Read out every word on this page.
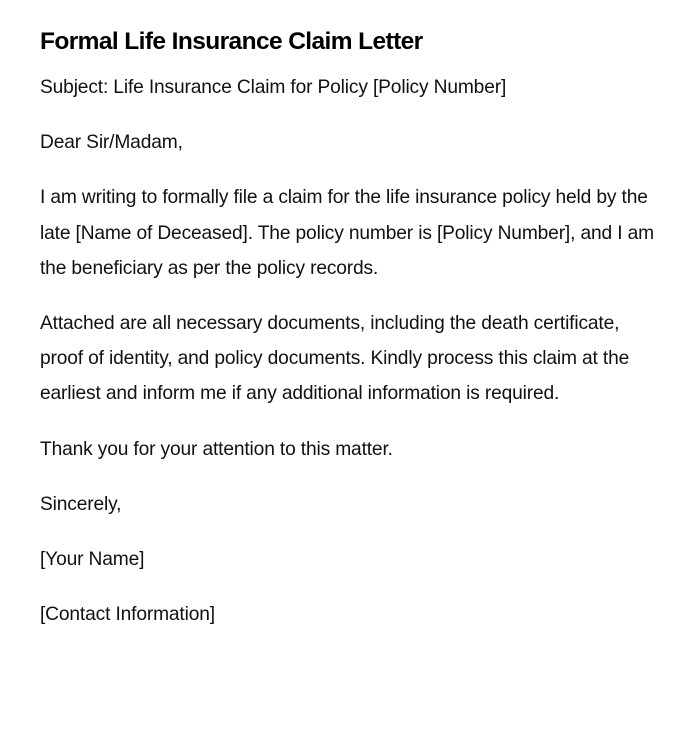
Formal Life Insurance Claim Letter

Subject: Life Insurance Claim for Policy [Policy Number]

Dear Sir/Madam,

I am writing to formally file a claim for the life insurance policy held by the late [Name of Deceased]. The policy number is [Policy Number], and I am the beneficiary as per the policy records.

Attached are all necessary documents, including the death certificate, proof of identity, and policy documents. Kindly process this claim at the earliest and inform me if any additional information is required.

Thank you for your attention to this matter.

Sincerely,

[Your Name]

[Contact Information]
